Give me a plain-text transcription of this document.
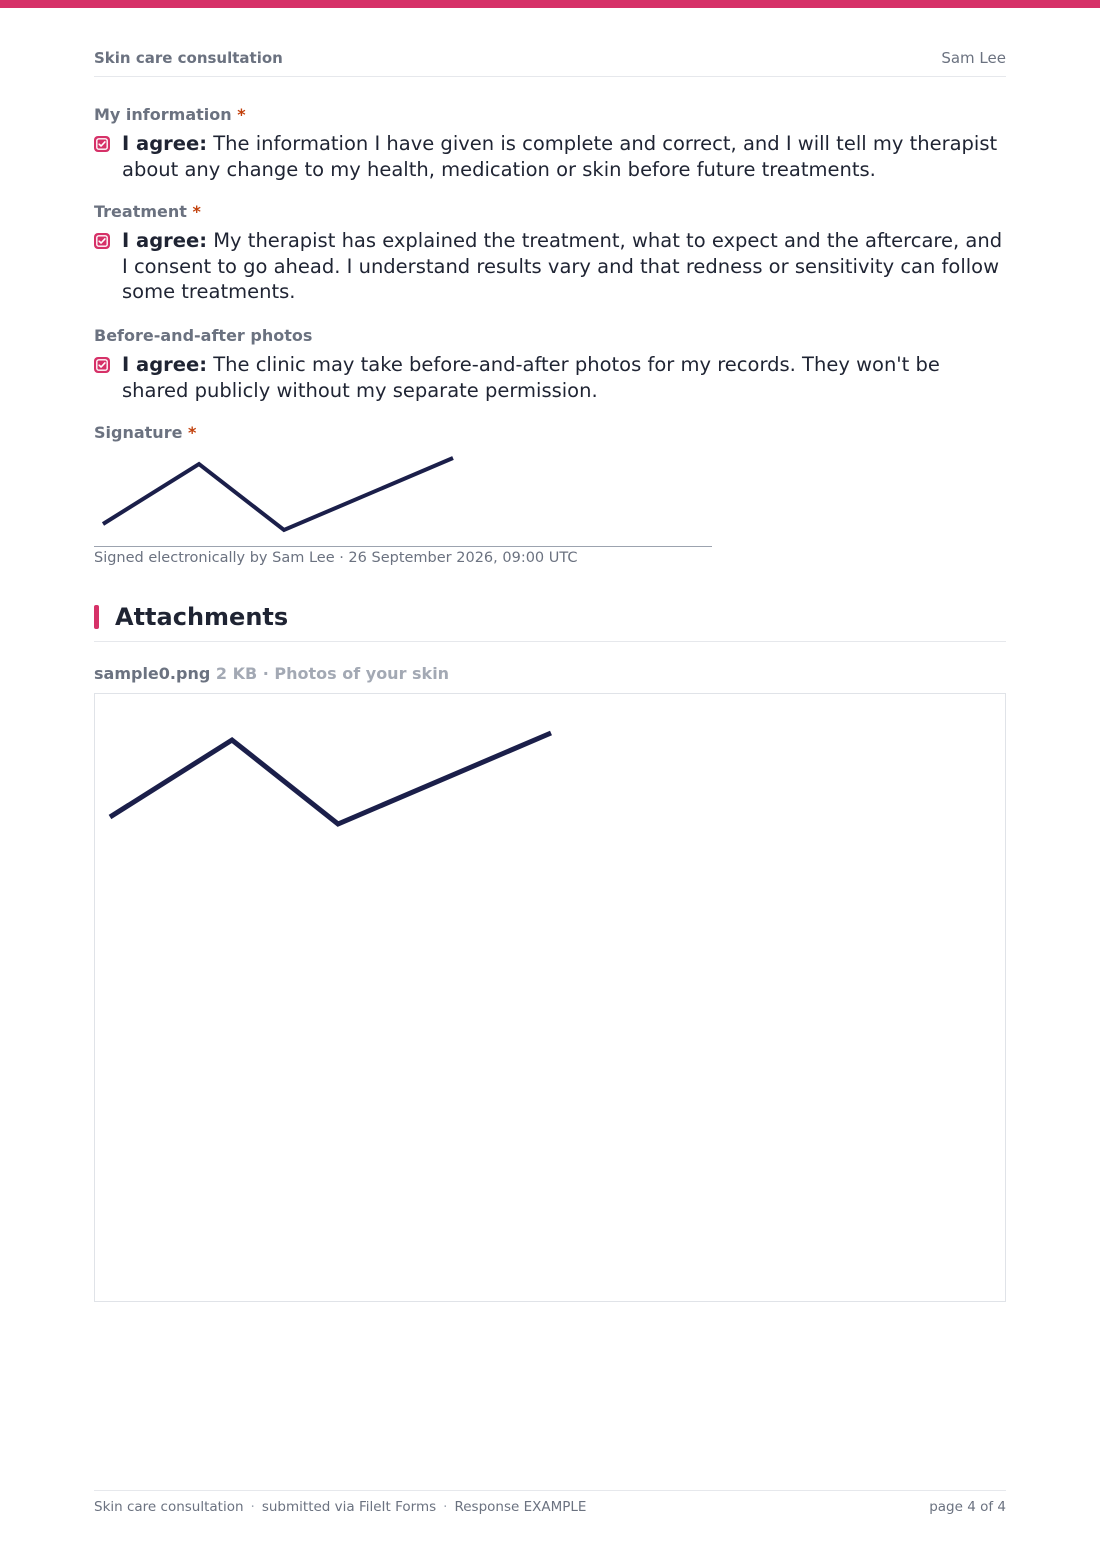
Skin care consultation	Sam Lee
My information *
I agree: The information I have given is complete and correct, and I will tell my therapist about any change to my health, medication or skin before future treatments.
Treatment *
I agree: My therapist has explained the treatment, what to expect and the aftercare, and I consent to go ahead. I understand results vary and that redness or sensitivity can follow some treatments.
Before-and-after photos
I agree: The clinic may take before-and-after photos for my records. They won't be shared publicly without my separate permission.
Signature *
Signed electronically by Sam Lee · 26 September 2026, 09:00 UTC
Attachments
sample0.png 2 KB · Photos of your skin
Skin care consultation · submitted via FileIt Forms · Response EXAMPLE	page 4 of 4
